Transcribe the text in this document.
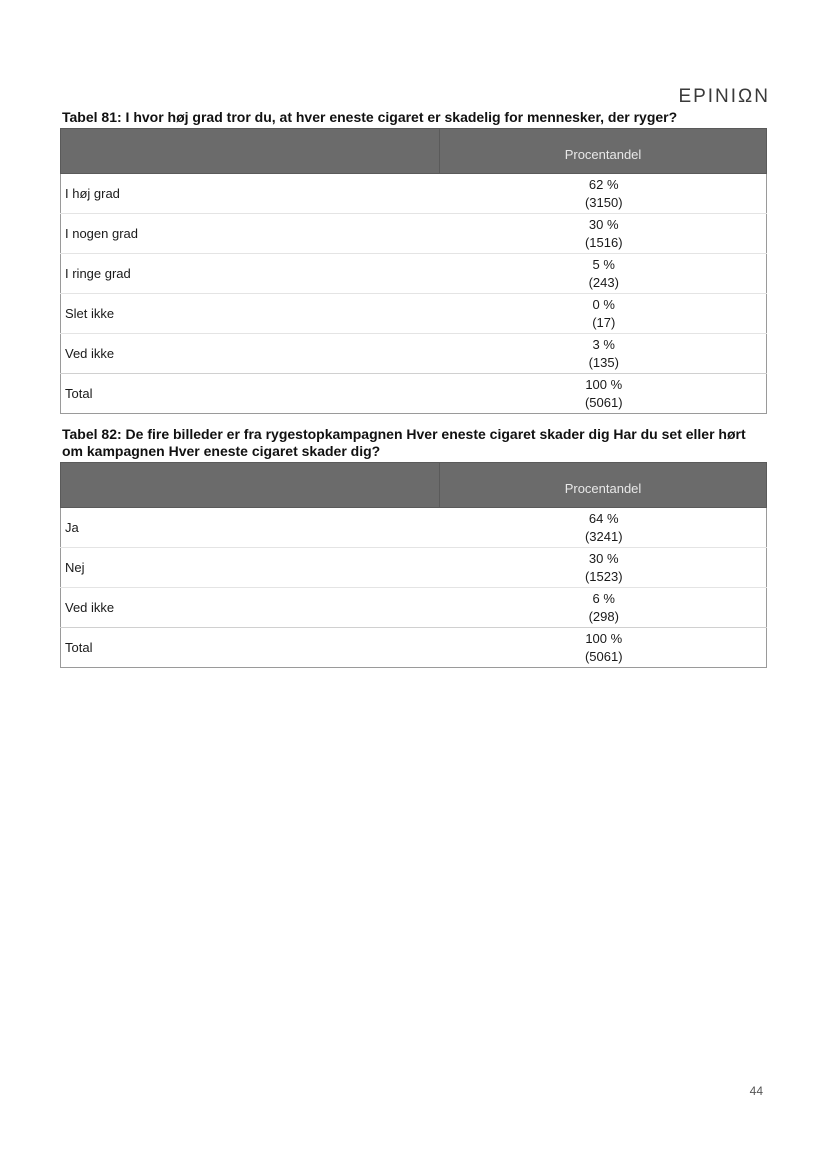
EPINIΩN
Tabel 81: I hvor høj grad tror du, at hver eneste cigaret er skadelig for mennesker, der ryger?
	Procentandel
I høj grad	62 %
(3150)

I nogen grad	30 %
(1516)

I ringe grad	5 %
(243)

Slet ikke	0 %
(17)

Ved ikke	3 %
(135)

Total	100 %
(5061)
Tabel 82: De fire billeder er fra rygestopkampagnen Hver eneste cigaret skader dig Har du set eller hørt om kampagnen Hver eneste cigaret skader dig?
	Procentandel
Ja	64 %
(3241)

Nej	30 %
(1523)

Ved ikke	6 %
(298)

Total	100 %
(5061)
44
